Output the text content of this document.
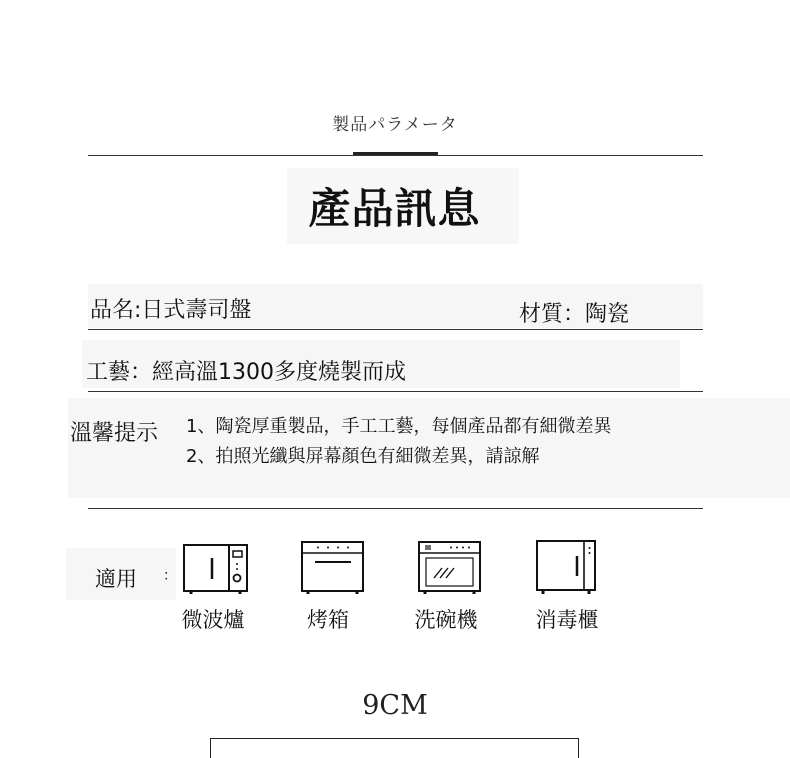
製品パラメータ
產品訊息
品名:日式壽司盤	材質：陶瓷
工藝：經高溫1300多度燒製而成
溫馨提示 1、陶瓷厚重製品，手工工藝，每個產品都有細微差異
2、拍照光纖與屏幕顏色有細微差異，請諒解
適用 ：
微波爐	烤箱	洗碗機	消毒櫃
9CM
